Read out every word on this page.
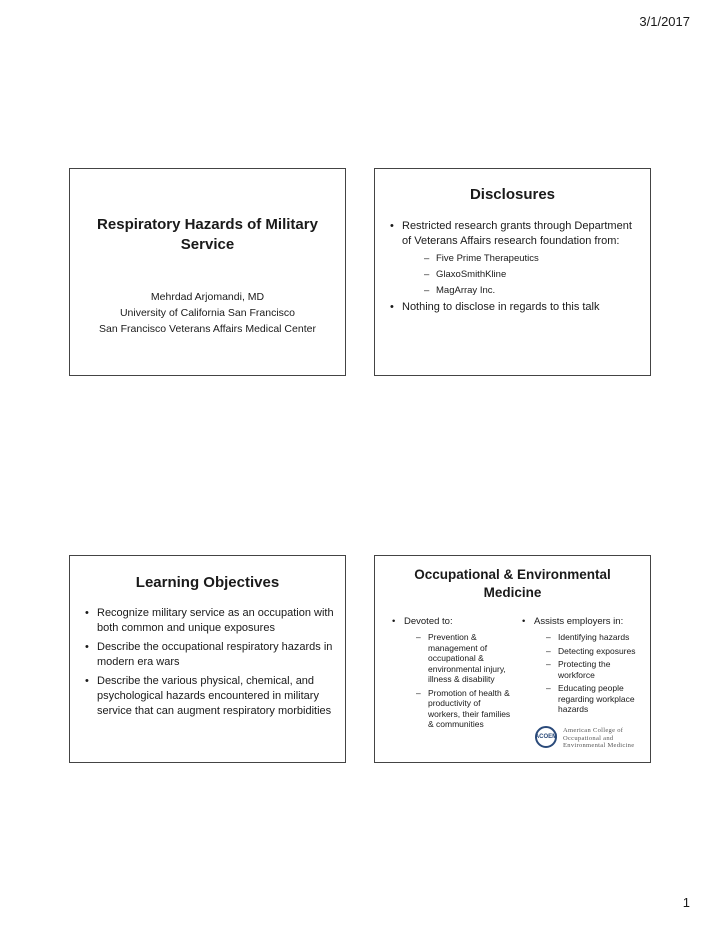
3/1/2017
Respiratory Hazards of Military Service
Mehrdad Arjomandi, MD
University of California San Francisco
San Francisco Veterans Affairs Medical Center
Disclosures
• Restricted research grants through Department of Veterans Affairs research foundation from:
– Five Prime Therapeutics
– GlaxoSmithKline
– MagArray Inc.
• Nothing to disclose in regards to this talk
Learning Objectives
• Recognize military service as an occupation with both common and unique exposures
• Describe the occupational respiratory hazards in modern era wars
• Describe the various physical, chemical, and psychological hazards encountered in military service that can augment respiratory morbidities
Occupational & Environmental Medicine
• Devoted to:
– Prevention & management of occupational & environmental injury, illness & disability
– Promotion of health & productivity of workers, their families & communities
• Assists employers in:
– Identifying hazards
– Detecting exposures
– Protecting the workforce
– Educating people regarding workplace hazards
ACOEM
American College of
Occupational and
Environmental Medicine
1
